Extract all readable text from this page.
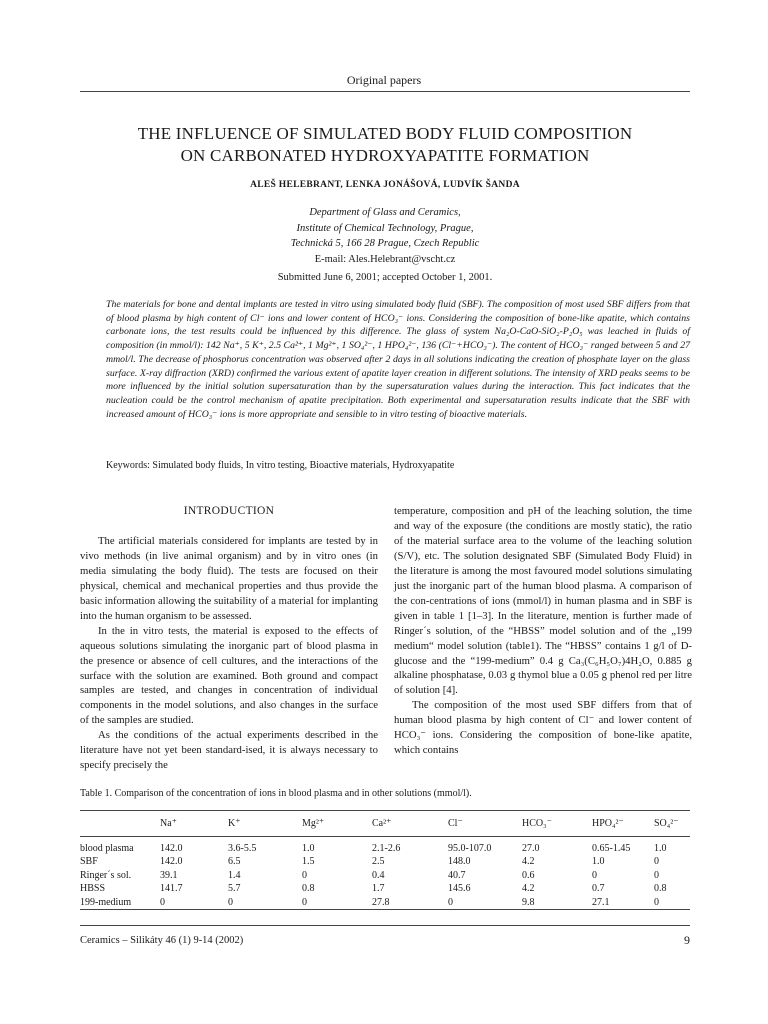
Original papers
THE INFLUENCE OF SIMULATED BODY FLUID COMPOSITION
ON CARBONATED HYDROXYAPATITE FORMATION
ALEŠ HELEBRANT, LENKA JONÁŠOVÁ, LUDVÍK ŠANDA
Department of Glass and Ceramics,
Institute of Chemical Technology, Prague,
Technická 5, 166 28 Prague, Czech Republic
E-mail: Ales.Helebrant@vscht.cz
Submitted June 6, 2001; accepted October 1, 2001.
The materials for bone and dental implants are tested in vitro using simulated body fluid (SBF). The composition of most used SBF differs from that of blood plasma by high content of Cl⁻ ions and lower content of HCO₃⁻ ions. Considering the composition of bone-like apatite, which contains carbonate ions, the test results could be influenced by this difference. The glass of system Na₂O-CaO-SiO₂-P₂O₅ was leached in fluids of composition (in mmol/l): 142 Na⁺, 5 K⁺, 2.5 Ca²⁺, 1 Mg²⁺, 1 SO₄²⁻, 1 HPO₄²⁻, 136 (Cl⁻+HCO₃⁻). The content of HCO₃⁻ ranged between 5 and 27 mmol/l. The decrease of phosphorus concentration was observed after 2 days in all solutions indicating the creation of phosphate layer on the glass surface. X-ray diffraction (XRD) confirmed the various extent of apatite layer creation in different solutions. The intensity of XRD peaks seems to be more influenced by the initial solution supersaturation than by the supersaturation values during the interaction. This fact indicates that the nucleation could be the control mechanism of apatite precipitation. Both experimental and supersaturation results indicate that the SBF with increased amount of HCO₃⁻ ions is more appropriate and sensible to in vitro testing of bioactive materials.
Keywords: Simulated body fluids, In vitro testing, Bioactive materials, Hydroxyapatite
INTRODUCTION

The artificial materials considered for implants are tested by in vivo methods (in live animal organism) and by in vitro ones (in media simulating the body fluid). The tests are focused on their physical, chemical and mechanical properties and thus provide the basic information allowing the suitability of a material for implanting into the human organism to be assessed.

In the in vitro tests, the material is exposed to the effects of aqueous solutions simulating the inorganic part of blood plasma in the presence or absence of cell cultures, and the interactions of the surface with the solution are examined. Both ground and compact samples are tested, and changes in concentration of individual components in the model solutions, and also changes in the surface of the samples are studied.

As the conditions of the actual experiments described in the literature have not yet been standard-ised, it is always necessary to specify precisely the

temperature, composition and pH of the leaching solution, the time and way of the exposure (the conditions are mostly static), the ratio of the material surface area to the volume of the leaching solution (S/V), etc. The solution designated SBF (Simulated Body Fluid) in the literature is among the most favoured model solutions simulating just the inorganic part of the human blood plasma. A comparison of the con-centrations of ions (mmol/l) in human plasma and in SBF is given in table 1 [1–3]. In the literature, mention is further made of Ringer´s solution, of the “HBSS” model solution and of the „199 medium“ model solution (table1). The “HBSS” contains 1 g/l of D-glucose and the “199-medium” 0.4 g Ca₃(C₆H₅O₇)4H₂O, 0.885 g alkaline phosphatase, 0.03 g thymol blue a 0.05 g phenol red per litre of solution [4].

The composition of the most used SBF differs from that of human blood plasma by high content of Cl⁻ and lower content of HCO₃⁻ ions. Considering the composition of bone-like apatite, which contains

Table 1. Comparison of the concentration of ions in blood plasma and in other solutions (mmol/l).
	Na⁺	K⁺	Mg²⁺	Ca²⁺	Cl⁻	HCO₃⁻	HPO₄²⁻	SO₄²⁻
blood plasma	142.0	3.6-5.5	1.0	2.1-2.6	95.0-107.0	27.0	0.65-1.45	1.0
SBF	142.0	6.5	1.5	2.5	148.0	4.2	1.0	0
Ringer´s sol.	39.1	1.4	0	0.4	40.7	0.6	0	0
HBSS	141.7	5.7	0.8	1.7	145.6	4.2	0.7	0.8
199-medium	0	0	0	27.8	0	9.8	27.1	0
Ceramics – Silikáty 46 (1) 9-14 (2002)	9
